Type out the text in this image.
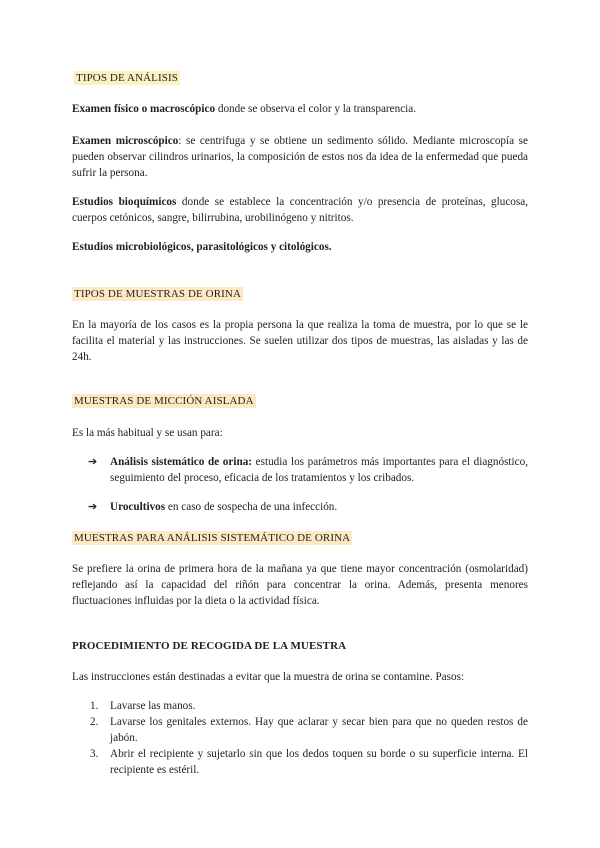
TIPOS DE ANÁLISIS

Examen físico o macroscópico donde se observa el color y la transparencia.

Examen microscópico: se centrifuga y se obtiene un sedimento sólido. Mediante microscopía se pueden observar cilindros urinarios, la composición de estos nos da idea de la enfermedad que pueda sufrir la persona.

Estudios bioquímicos donde se establece la concentración y/o presencia de proteínas, glucosa, cuerpos cetónicos, sangre, bilirrubina, urobilinógeno y nitritos.

Estudios microbiológicos, parasitológicos y citológicos.

TIPOS DE MUESTRAS DE ORINA

En la mayoría de los casos es la propia persona la que realiza la toma de muestra, por lo que se le facilita el material y las instrucciones. Se suelen utilizar dos tipos de muestras, las aisladas y las de 24h.

MUESTRAS DE MICCIÓN AISLADA

Es la más habitual y se usan para:

➔ Análisis sistemático de orina: estudia los parámetros más importantes para el diagnóstico, seguimiento del proceso, eficacia de los tratamientos y los cribados.
➔ Urocultivos en caso de sospecha de una infección.

MUESTRAS PARA ANÁLISIS SISTEMÁTICO DE ORINA

Se prefiere la orina de primera hora de la mañana ya que tiene mayor concentración (osmolaridad) reflejando así la capacidad del riñón para concentrar la orina. Además, presenta menores fluctuaciones influidas por la dieta o la actividad física.

PROCEDIMIENTO DE RECOGIDA DE LA MUESTRA

Las instrucciones están destinadas a evitar que la muestra de orina se contamine. Pasos:

1. Lavarse las manos.
2. Lavarse los genitales externos. Hay que aclarar y secar bien para que no queden restos de jabón.
3. Abrir el recipiente y sujetarlo sin que los dedos toquen su borde o su superficie interna. El recipiente es estéril.
